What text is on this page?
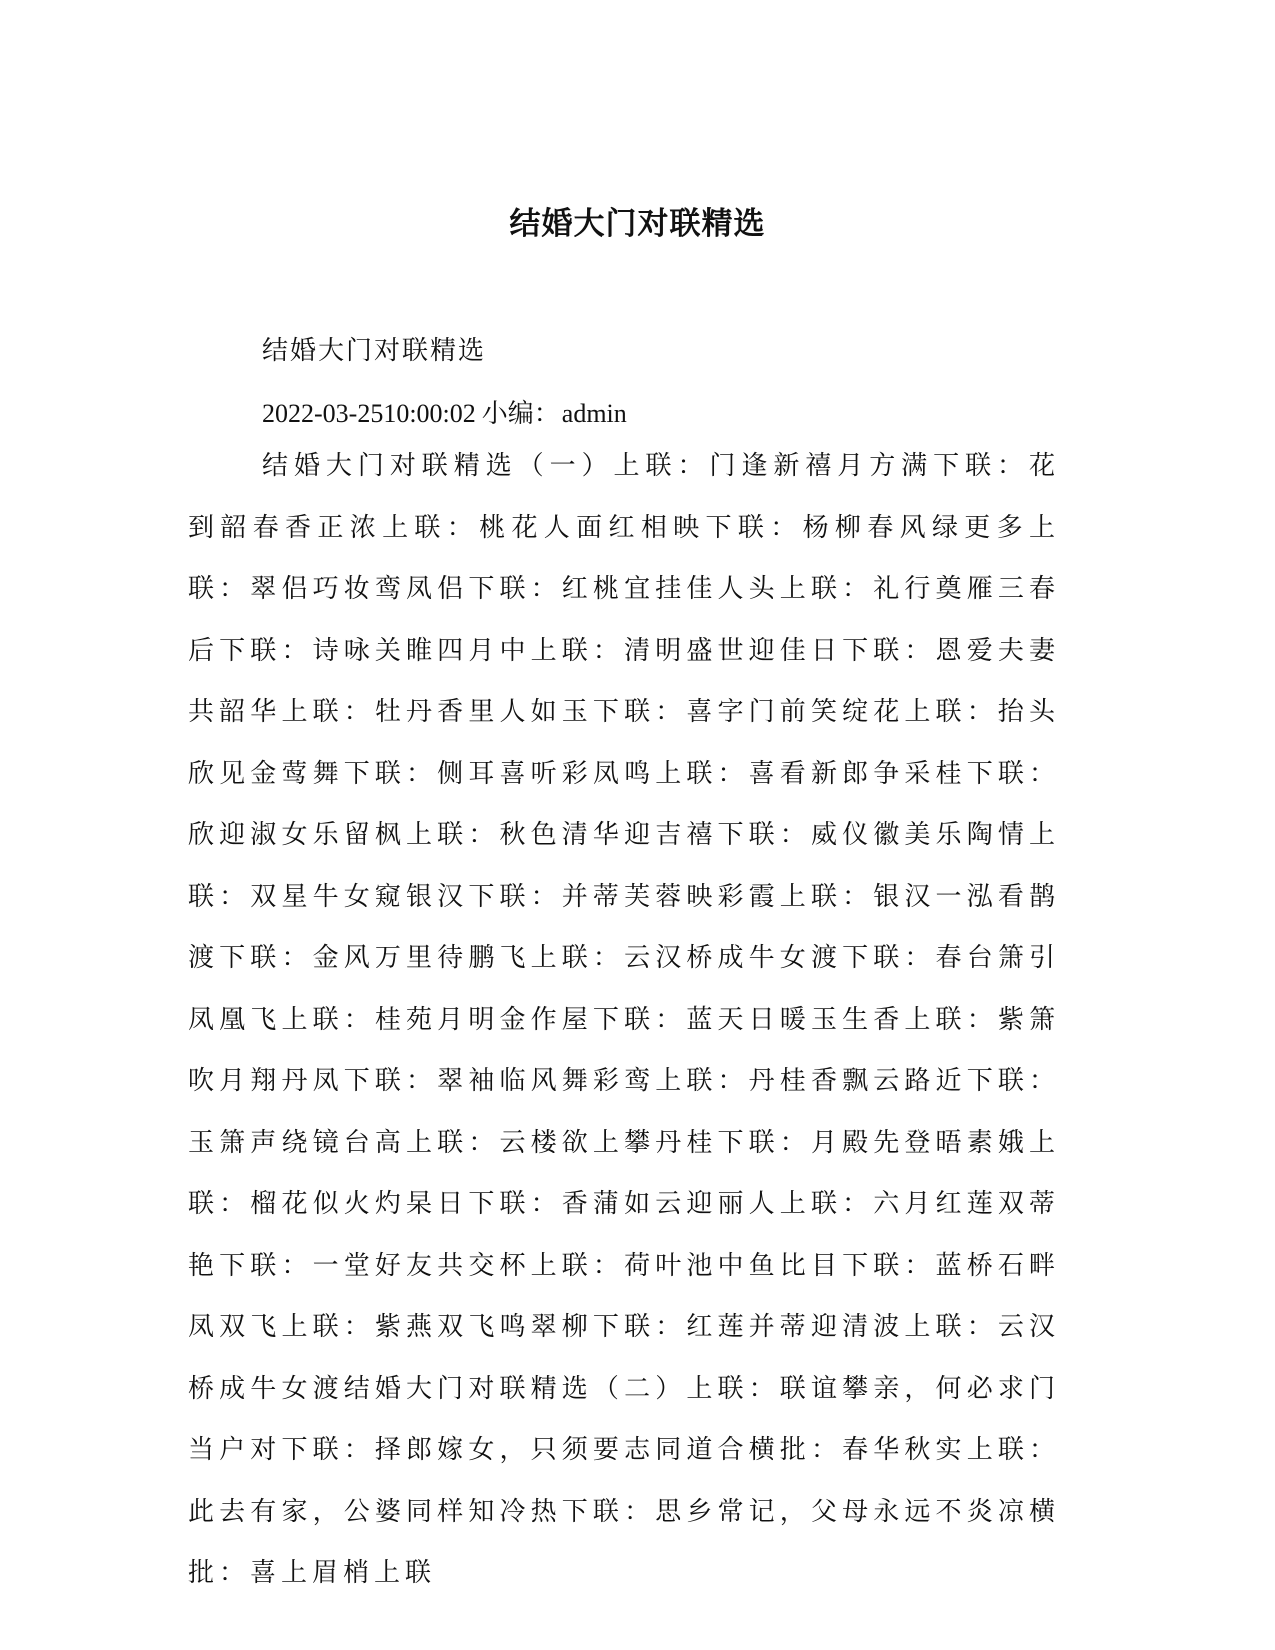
结婚大门对联精选
结婚大门对联精选
2022-03-2510:00:02 小编：admin
结婚大门对联精选（一）上联：门逢新禧月方满下联：花到韶春香正浓上联：桃花人面红相映下联：杨柳春风绿更多上联：翠侣巧妆鸾凤侣下联：红桃宜挂佳人头上联：礼行奠雁三春后下联：诗咏关睢四月中上联：清明盛世迎佳日下联：恩爱夫妻共韶华上联：牡丹香里人如玉下联：喜字门前笑绽花上联：抬头欣见金莺舞下联：侧耳喜听彩凤鸣上联：喜看新郎争采桂下联：欣迎淑女乐留枫上联：秋色清华迎吉禧下联：威仪徽美乐陶情上联：双星牛女窥银汉下联：并蒂芙蓉映彩霞上联：银汉一泓看鹊渡下联：金风万里待鹏飞上联：云汉桥成牛女渡下联：春台箫引凤凰飞上联：桂苑月明金作屋下联：蓝天日暖玉生香上联：紫箫吹月翔丹凤下联：翠袖临风舞彩鸾上联：丹桂香飘云路近下联：玉箫声绕镜台高上联：云楼欲上攀丹桂下联：月殿先登晤素娥上联：榴花似火灼杲日下联：香蒲如云迎丽人上联：六月红莲双蒂艳下联：一堂好友共交杯上联：荷叶池中鱼比目下联：蓝桥石畔凤双飞上联：紫燕双飞鸣翠柳下联：红莲并蒂迎清波上联：云汉桥成牛女渡结婚大门对联精选（二）上联：联谊攀亲，何必求门当户对下联：择郎嫁女，只须要志同道合横批：春华秋实上联：此去有家，公婆同样知冷热下联：思乡常记，父母永远不炎凉横批：喜上眉梢上联
